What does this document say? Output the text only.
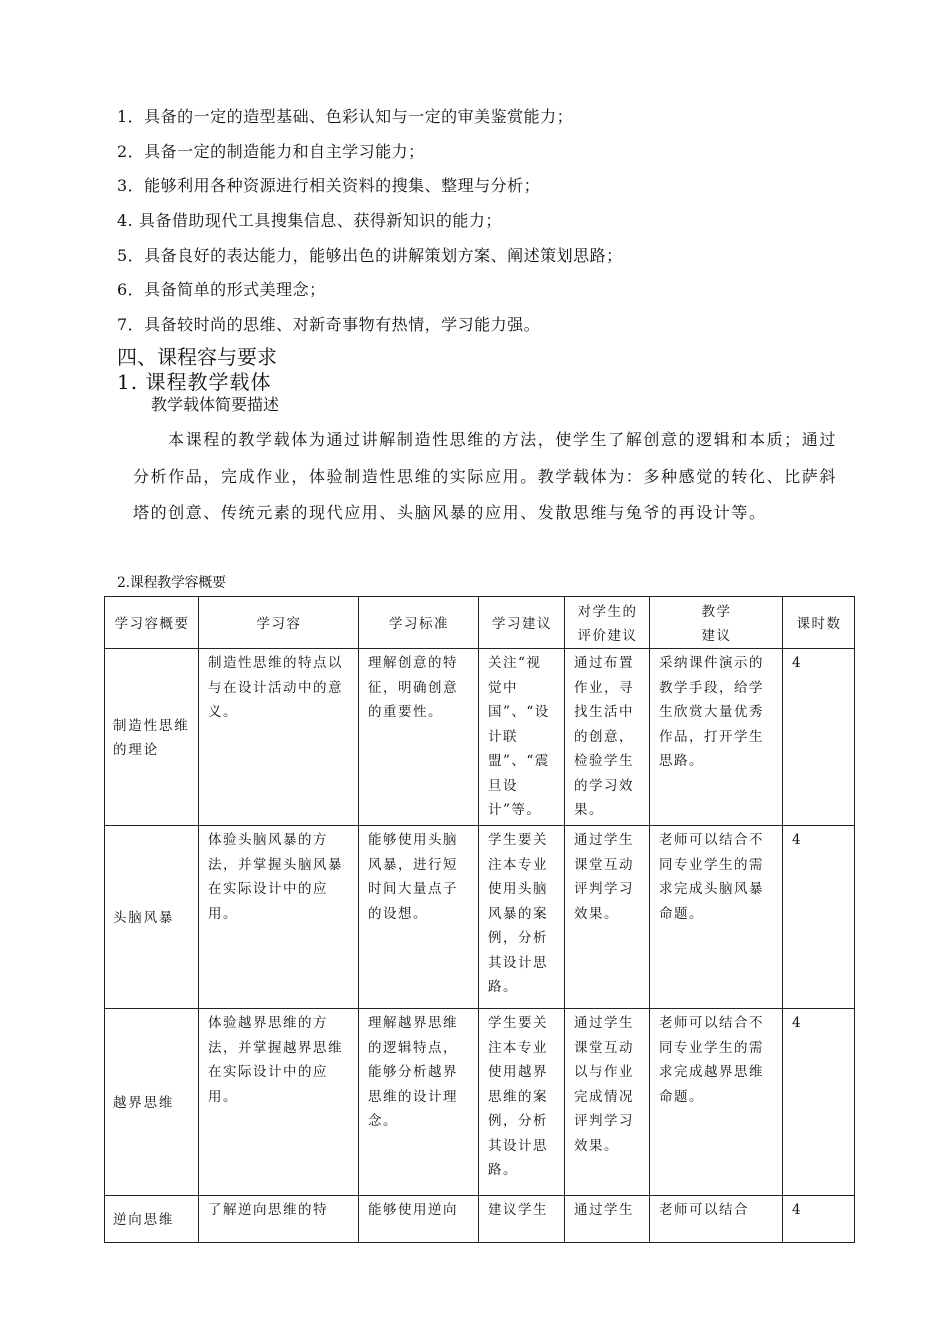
1．具备的一定的造型基础、色彩认知与一定的审美鉴赏能力；
2．具备一定的制造能力和自主学习能力；
3．能够利用各种资源进行相关资料的搜集、整理与分析；
4. 具备借助现代工具搜集信息、获得新知识的能力；
5．具备良好的表达能力，能够出色的讲解策划方案、阐述策划思路；
6．具备简单的形式美理念；
7．具备较时尚的思维、对新奇事物有热情，学习能力强。
四、课程容与要求
1. 课程教学载体
教学载体简要描述

本课程的教学载体为通过讲解制造性思维的方法，使学生了解创意的逻辑和本质；通过分析作品，完成作业，体验制造性思维的实际应用。教学载体为：多种感觉的转化、比萨斜塔的创意、传统元素的现代应用、头脑风暴的应用、发散思维与兔爷的再设计等。

2.课程教学容概要
学习容概要	学习容	学习标准	学习建议	对学生的评价建议	教学
建议	课时数
制造性思维的理论	制造性思维的特点以与在设计活动中的意义。	理解创意的特征，明确创意的重要性。	关注“视觉中国”、“设计联盟”、“震旦设计”等。	通过布置作业，寻找生活中的创意，检验学生的学习效果。	采纳课件演示的教学手段，给学生欣赏大量优秀作品，打开学生思路。	4
头脑风暴	体验头脑风暴的方法，并掌握头脑风暴在实际设计中的应用。	能够使用头脑风暴，进行短时间大量点子的设想。	学生要关注本专业使用头脑风暴的案例，分析其设计思路。	通过学生课堂互动评判学习效果。	老师可以结合不同专业学生的需求完成头脑风暴命题。	4
越界思维	体验越界思维的方法，并掌握越界思维在实际设计中的应用。	理解越界思维的逻辑特点，能够分析越界思维的设计理念。	学生要关注本专业使用越界思维的案例，分析其设计思路。	通过学生课堂互动以与作业完成情况评判学习效果。	老师可以结合不同专业学生的需求完成越界思维命题。	4
逆向思维	了解逆向思维的特	能够使用逆向	建议学生	通过学生	老师可以结合	4
